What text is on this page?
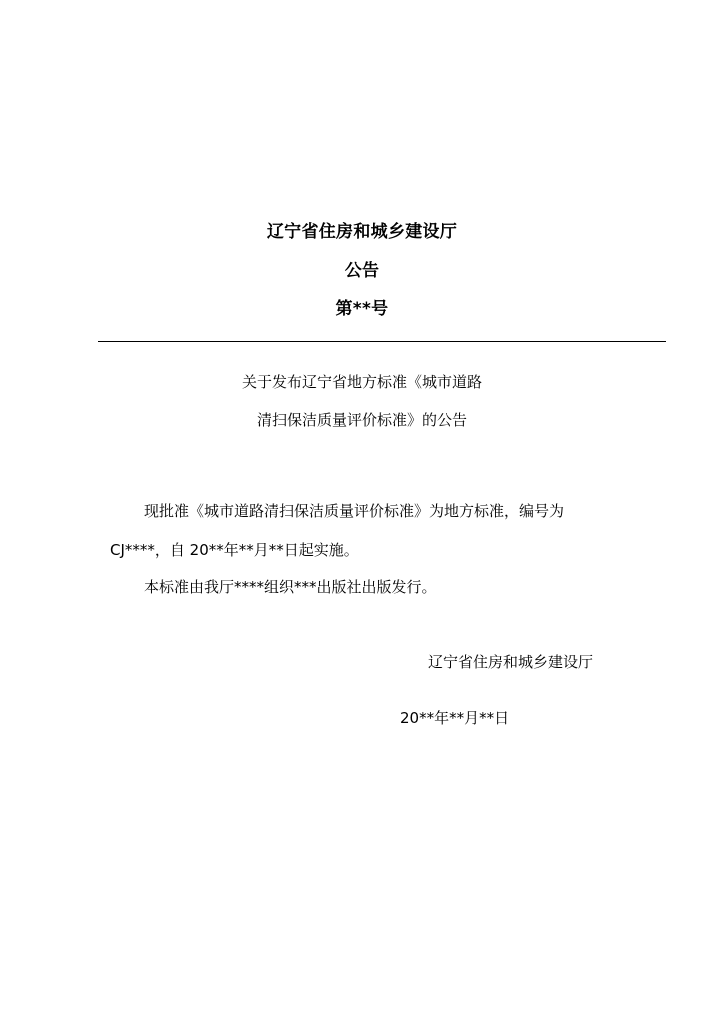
辽宁省住房和城乡建设厅
公告
第**号
关于发布辽宁省地方标准《城市道路
清扫保洁质量评价标准》的公告
现批准《城市道路清扫保洁质量评价标准》为地方标准，编号为
CJ****，自 20**年**月**日起实施。
本标准由我厅****组织***出版社出版发行。
辽宁省住房和城乡建设厅
20**年**月**日
